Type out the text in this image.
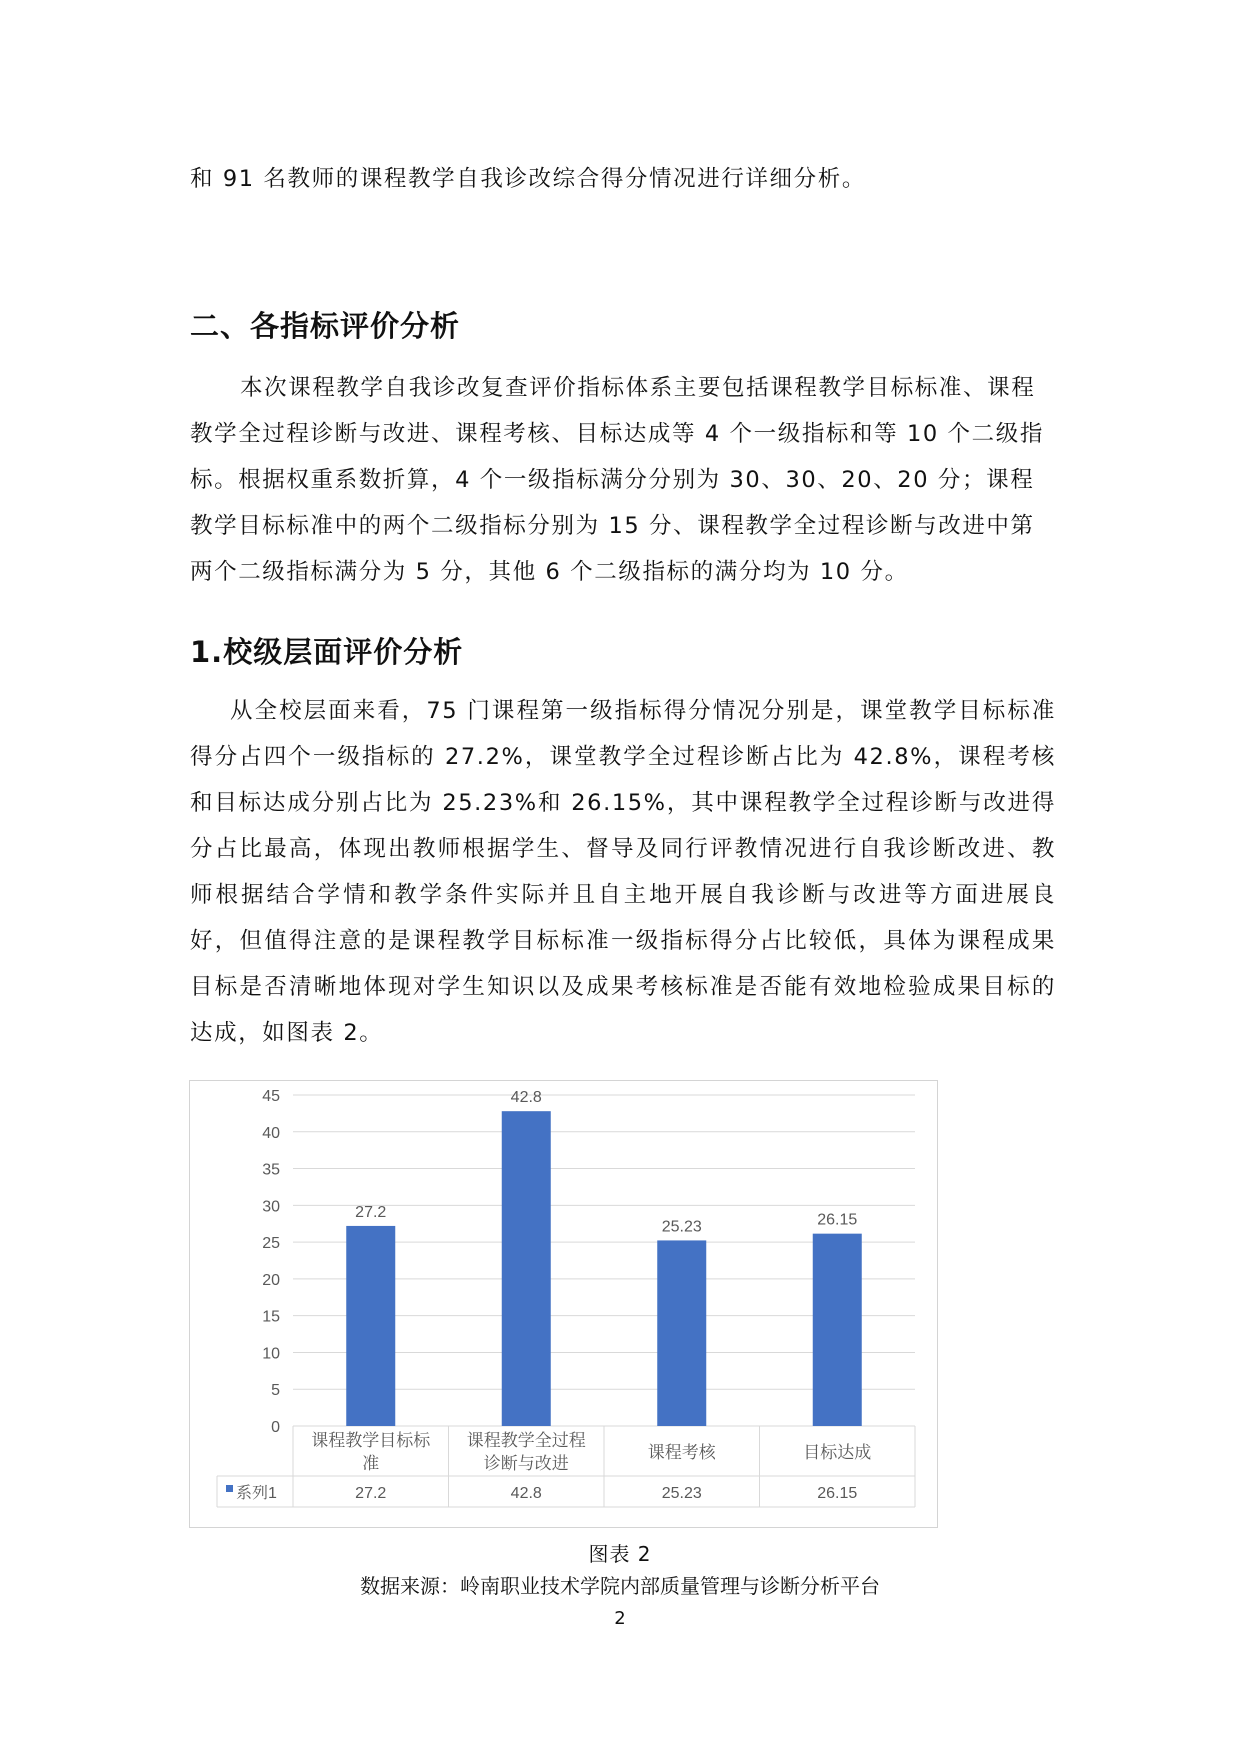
和 91 名教师的课程教学自我诊改综合得分情况进行详细分析。
二、各指标评价分析
本次课程教学自我诊改复查评价指标体系主要包括课程教学目标标准、课程教学全过程诊断与改进、课程考核、目标达成等 4 个一级指标和等 10 个二级指标。根据权重系数折算，4 个一级指标满分分别为 30、30、20、20 分；课程教学目标标准中的两个二级指标分别为 15 分、课程教学全过程诊断与改进中第两个二级指标满分为 5 分，其他 6 个二级指标的满分均为 10 分。
1.校级层面评价分析
从全校层面来看，75 门课程第一级指标得分情况分别是，课堂教学目标标准得分占四个一级指标的 27.2%，课堂教学全过程诊断占比为 42.8%，课程考核和目标达成分别占比为 25.23%和 26.15%，其中课程教学全过程诊断与改进得分占比最高，体现出教师根据学生、督导及同行评教情况进行自我诊断改进、教师根据结合学情和教学条件实际并且自主地开展自我诊断与改进等方面进展良好，但值得注意的是课程教学目标标准一级指标得分占比较低，具体为课程成果目标是否清晰地体现对学生知识以及成果考核标准是否能有效地检验成果目标的达成，如图表 2。
0
5
10
15
20
25
30
35
40
45
27.2
课程教学目标标
准
27.2
42.8
课程教学全过程
诊断与改进
42.8
25.23
课程考核
25.23
26.15
目标达成
26.15
系列1
图表 2
数据来源：岭南职业技术学院内部质量管理与诊断分析平台
2
